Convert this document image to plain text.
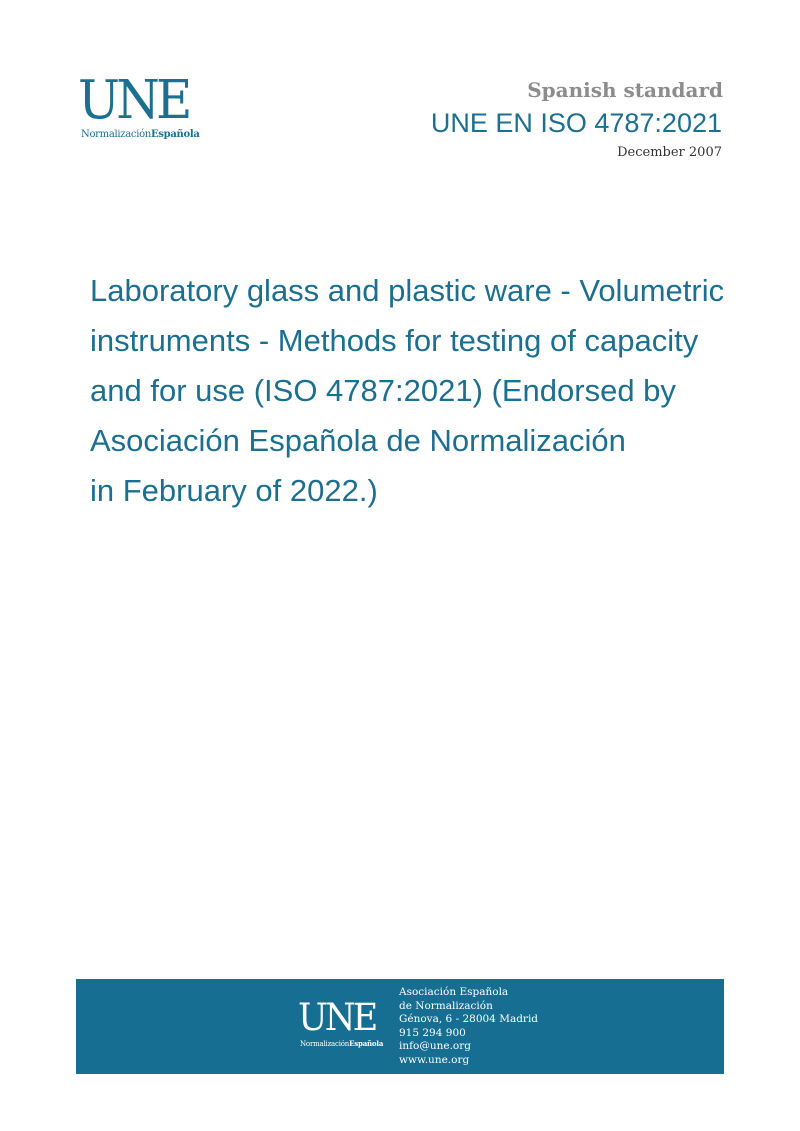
UNE
NormalizaciónEspañola
Spanish standard
UNE EN ISO 4787:2021
December 2007
Laboratory glass and plastic ware - Volumetric
instruments - Methods for testing of capacity
and for use (ISO 4787:2021) (Endorsed by
Asociación Española de Normalización
in February of 2022.)
UNE
NormalizaciónEspañola
Asociación Española
de Normalización
Génova, 6 - 28004 Madrid
915 294 900
info@une.org
www.une.org
